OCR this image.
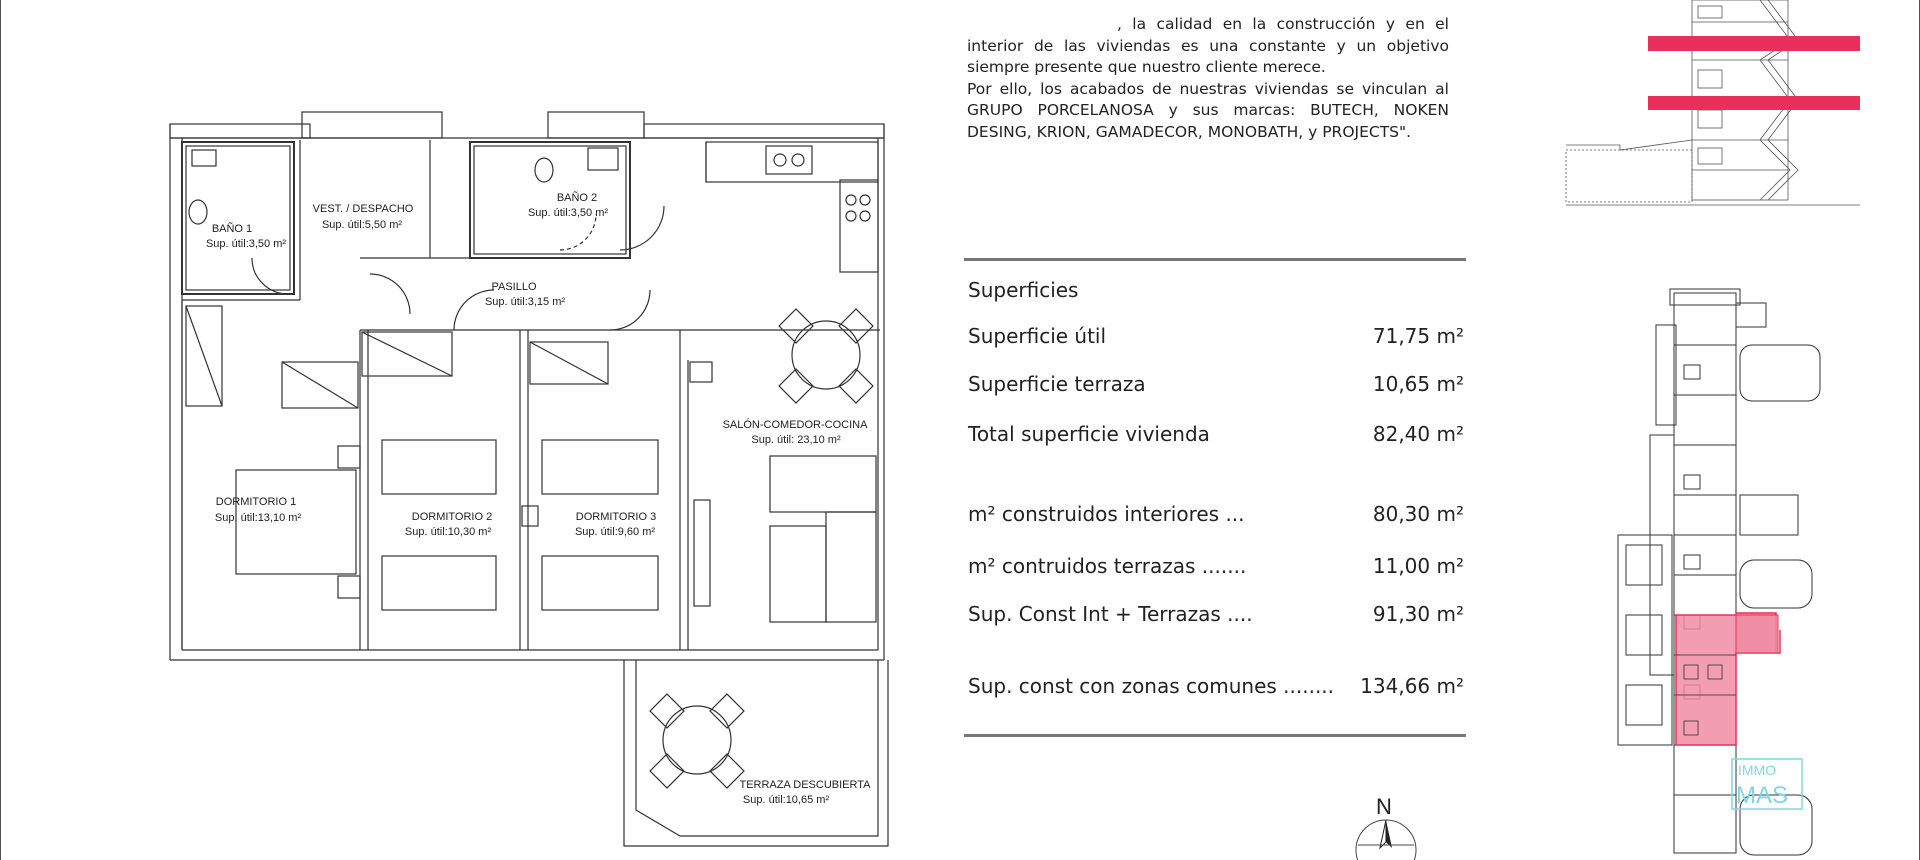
BAÑO 1
Sup. útil:3,50 m²
VEST. / DESPACHO
Sup. útil:5,50 m²
BAÑO 2
Sup. útil:3,50 m²
PASILLO
Sup. útil:3,15 m²
SALÓN-COMEDOR-COCINA
Sup. útil: 23,10 m²
DORMITORIO 1
Sup. útil:13,10 m²	DORMITORIO 2
Sup. útil:10,30 m²
DORMITORIO 3
Sup. útil:9,60 m²
TERRAZA DESCUBIERTA
Sup. útil:10,65 m²

, la calidad en la construcción y en el interior de las viviendas es una constante y un objetivo siempre presente que nuestro cliente merece.

Por ello, los acabados de nuestras viviendas se vinculan al GRUPO PORCELANOSA y sus marcas: BUTECH, NOKEN DESING, KRION, GAMADECOR, MONOBATH, y PROJECTS".

Superficies
Superficie útil	71,75 m²
Superficie terraza	10,65 m²
Total superficie vivienda	82,40 m²
m² construidos interiores ...	80,30 m²
m² contruidos terrazas .......	11,00 m²
Sup. Const Int + Terrazas ....	91,30 m²
Sup. const con zonas comunes ........ 134,66 m²
N
IMMO
MAS
